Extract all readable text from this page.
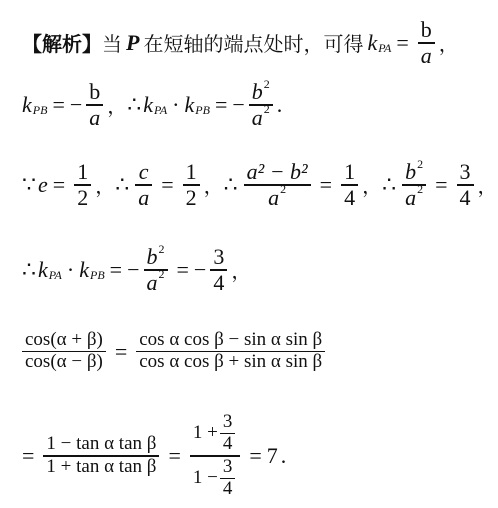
【解析】 当 P 在短轴的端点处时，可得 k PA = $\frac{b}{a}$ ，
k PB = − $\frac{b}{a}$ ， ∴ k PA · k PB = − $\frac{b 2}{a 2}$ .
∵ $e = \frac{1}{2}$ ， ∴ $\frac{c}{a} = \frac{1}{2}$ ， ∴ $\frac{\text{a² − b²}}{a 2} = \frac{1}{4}$ ， ∴ $\frac{b 2}{a 2} = \frac{3}{4}$ ，
∴ k PA · k PB = − $\frac{b 2}{a 2}$ = − $\frac{3}{4}$ ，
$\frac{\cos(\alpha + \beta)}{\cos(\alpha - \beta)} = \frac{\text{cos α cos β − sin α sin β}}{\text{cos α cos β + sin α sin β}}$
= $\frac{\text{1 − tan α tan β}}{\text{1 + tan α tan β}} = \frac{1 + \frac{3}{4}}{1 - \frac{3}{4}} = 7$ .
